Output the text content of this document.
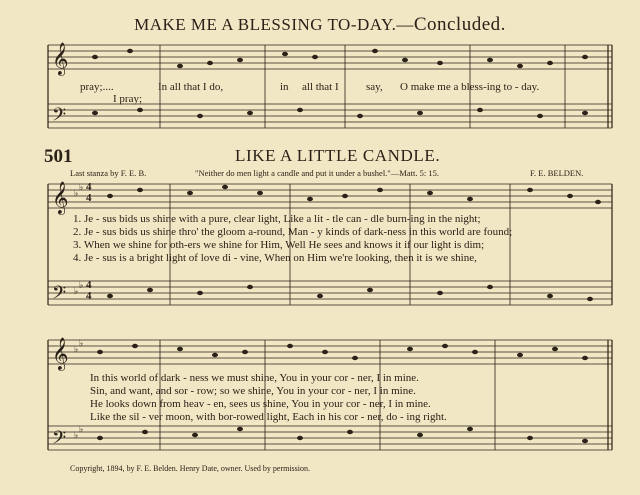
MAKE ME A BLESSING TO-DAY.—Concluded.
𝄞
𝄢
𝄞
𝄢
𝄞
𝄢
♭
♭
♭
♭
♭
♭
♭
♭
pray;....	In all that I do,	in all that I say, O make me a bless-ing to - day.
I pray;
501	LIKE A LITTLE CANDLE.
Last stanza by F. E. B.	"Neither do men light a candle and put it under a bushel."—Matt. 5: 15.	F. E. BELDEN.
4
4
4
4
1. Je - sus bids us shine with a pure, clear light, Like a lit - tle can - dle burn-ing in the night;
2. Je - sus bids us shine thro' the gloom a-round, Man - y kinds of dark-ness in this world are found;
3. When we shine for oth-ers we shine for Him, Well He sees and knows it if our light is dim;
4. Je - sus is a bright light of love di - vine, When on Him we're looking, then it is we shine,
In this world of dark - ness we must shine, You in your cor - ner, I in mine.
Sin, and want, and sor - row; so we shine, You in your cor - ner, I in mine.
He looks down from heav - en, sees us shine, You in your cor - ner, I in mine.
Like the sil - ver moon, with bor-rowed light, Each in his cor - ner, do - ing right.
Copyright, 1894, by F. E. Belden. Henry Date, owner. Used by permission.
